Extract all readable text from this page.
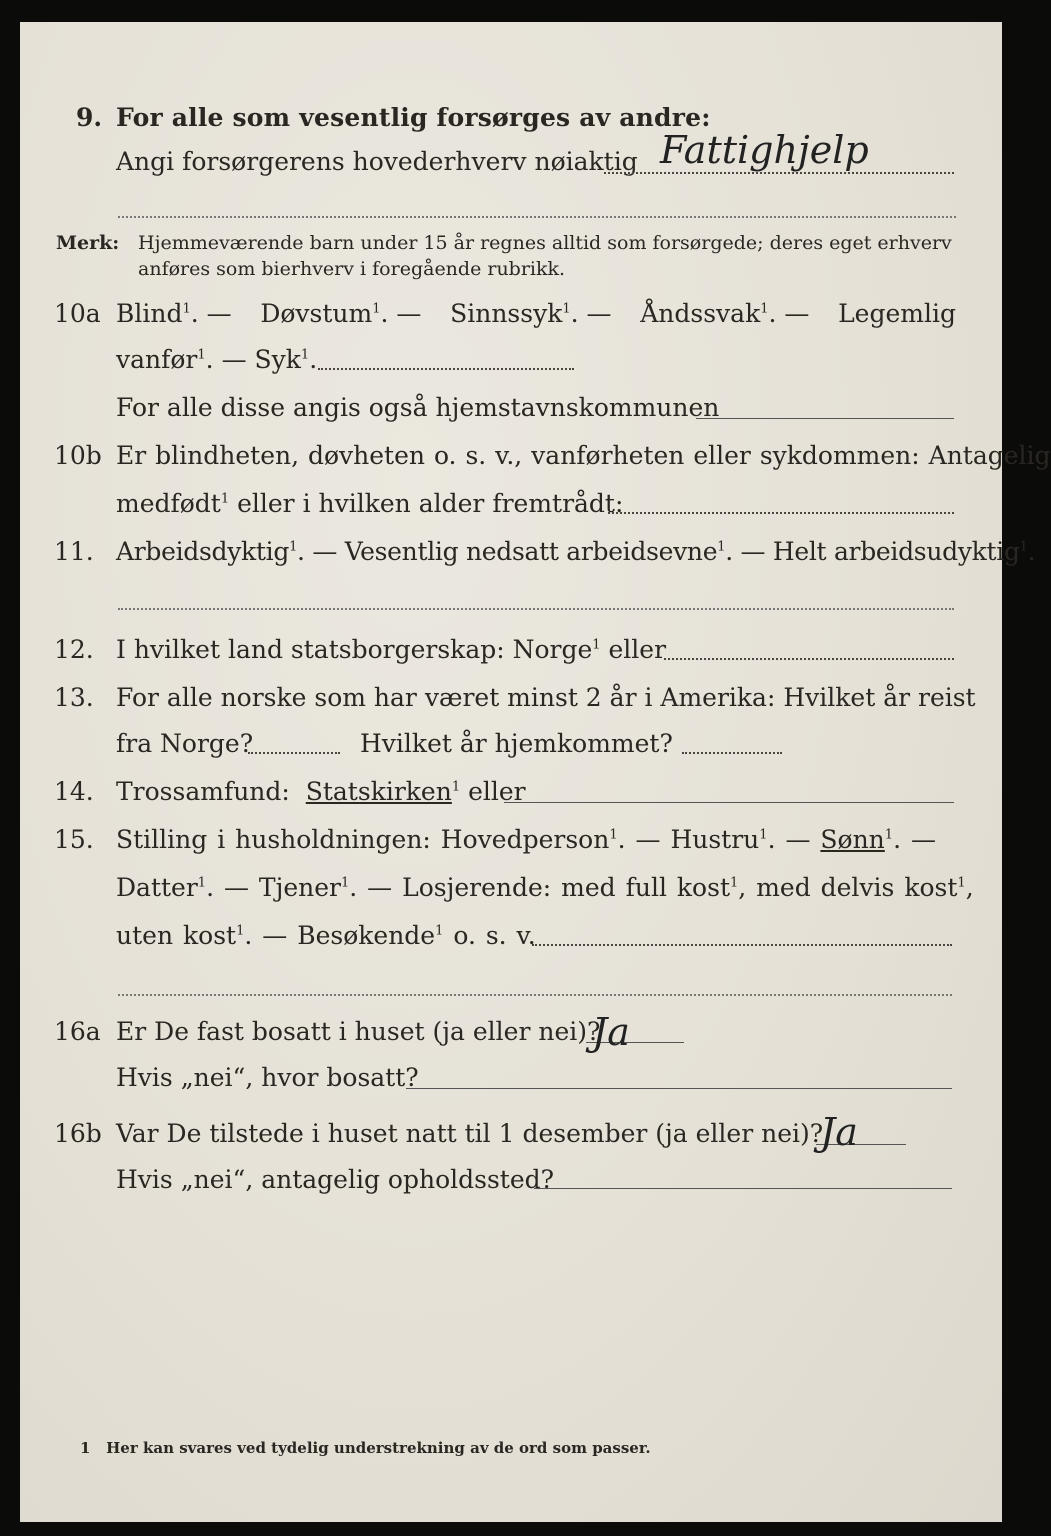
9. For alle som vesentlig forsørges av andre:
Angi forsørgerens hovederhverv nøiaktig Fattighjelp
Merk: Hjemmeværende barn under 15 år regnes alltid som forsørgede; deres eget erhverv
anføres som bierhverv i foregående rubrikk.
10a Blind$^1$. — Døvstum$^1$. — Sinnssyk$^1$. — Åndssvak$^1$. — Legemlig
vanfør$^1$. — Syk$^1$.
For alle disse angis også hjemstavnskommunen
10b Er blindheten, døvheten o. s. v., vanførheten eller sykdommen: Antagelig
medfødt$^1$ eller i hvilken alder fremtrådt:
11. Arbeidsdyktig$^1$. — Vesentlig nedsatt arbeidsevne$^1$. — Helt arbeidsudyktig$^1$.
12. I hvilket land statsborgerskap: Norge$^1$ eller
13. For alle norske som har været minst 2 år i Amerika: Hvilket år reist
fra Norge?	Hvilket år hjemkommet?
14. Trossamfund: Statskirken$^1$ eller
15. Stilling i husholdningen: Hovedperson$^1$. — Hustru$^1$. — Sønn$^1$. —
Datter$^1$. — Tjener$^1$. — Losjerende: med full kost$^1$, med delvis kost$^1$,
uten kost$^1$. — Besøkende$^1$ o. s. v.
16a Er De fast bosatt i huset (ja eller nei)?
Ja
Hvis „nei“, hvor bosatt?
16b Var De tilstede i huset natt til 1 desember (ja eller nei)?
Ja
Hvis „nei“, antagelig opholdssted?
1 Her kan svares ved tydelig understrekning av de ord som passer.
